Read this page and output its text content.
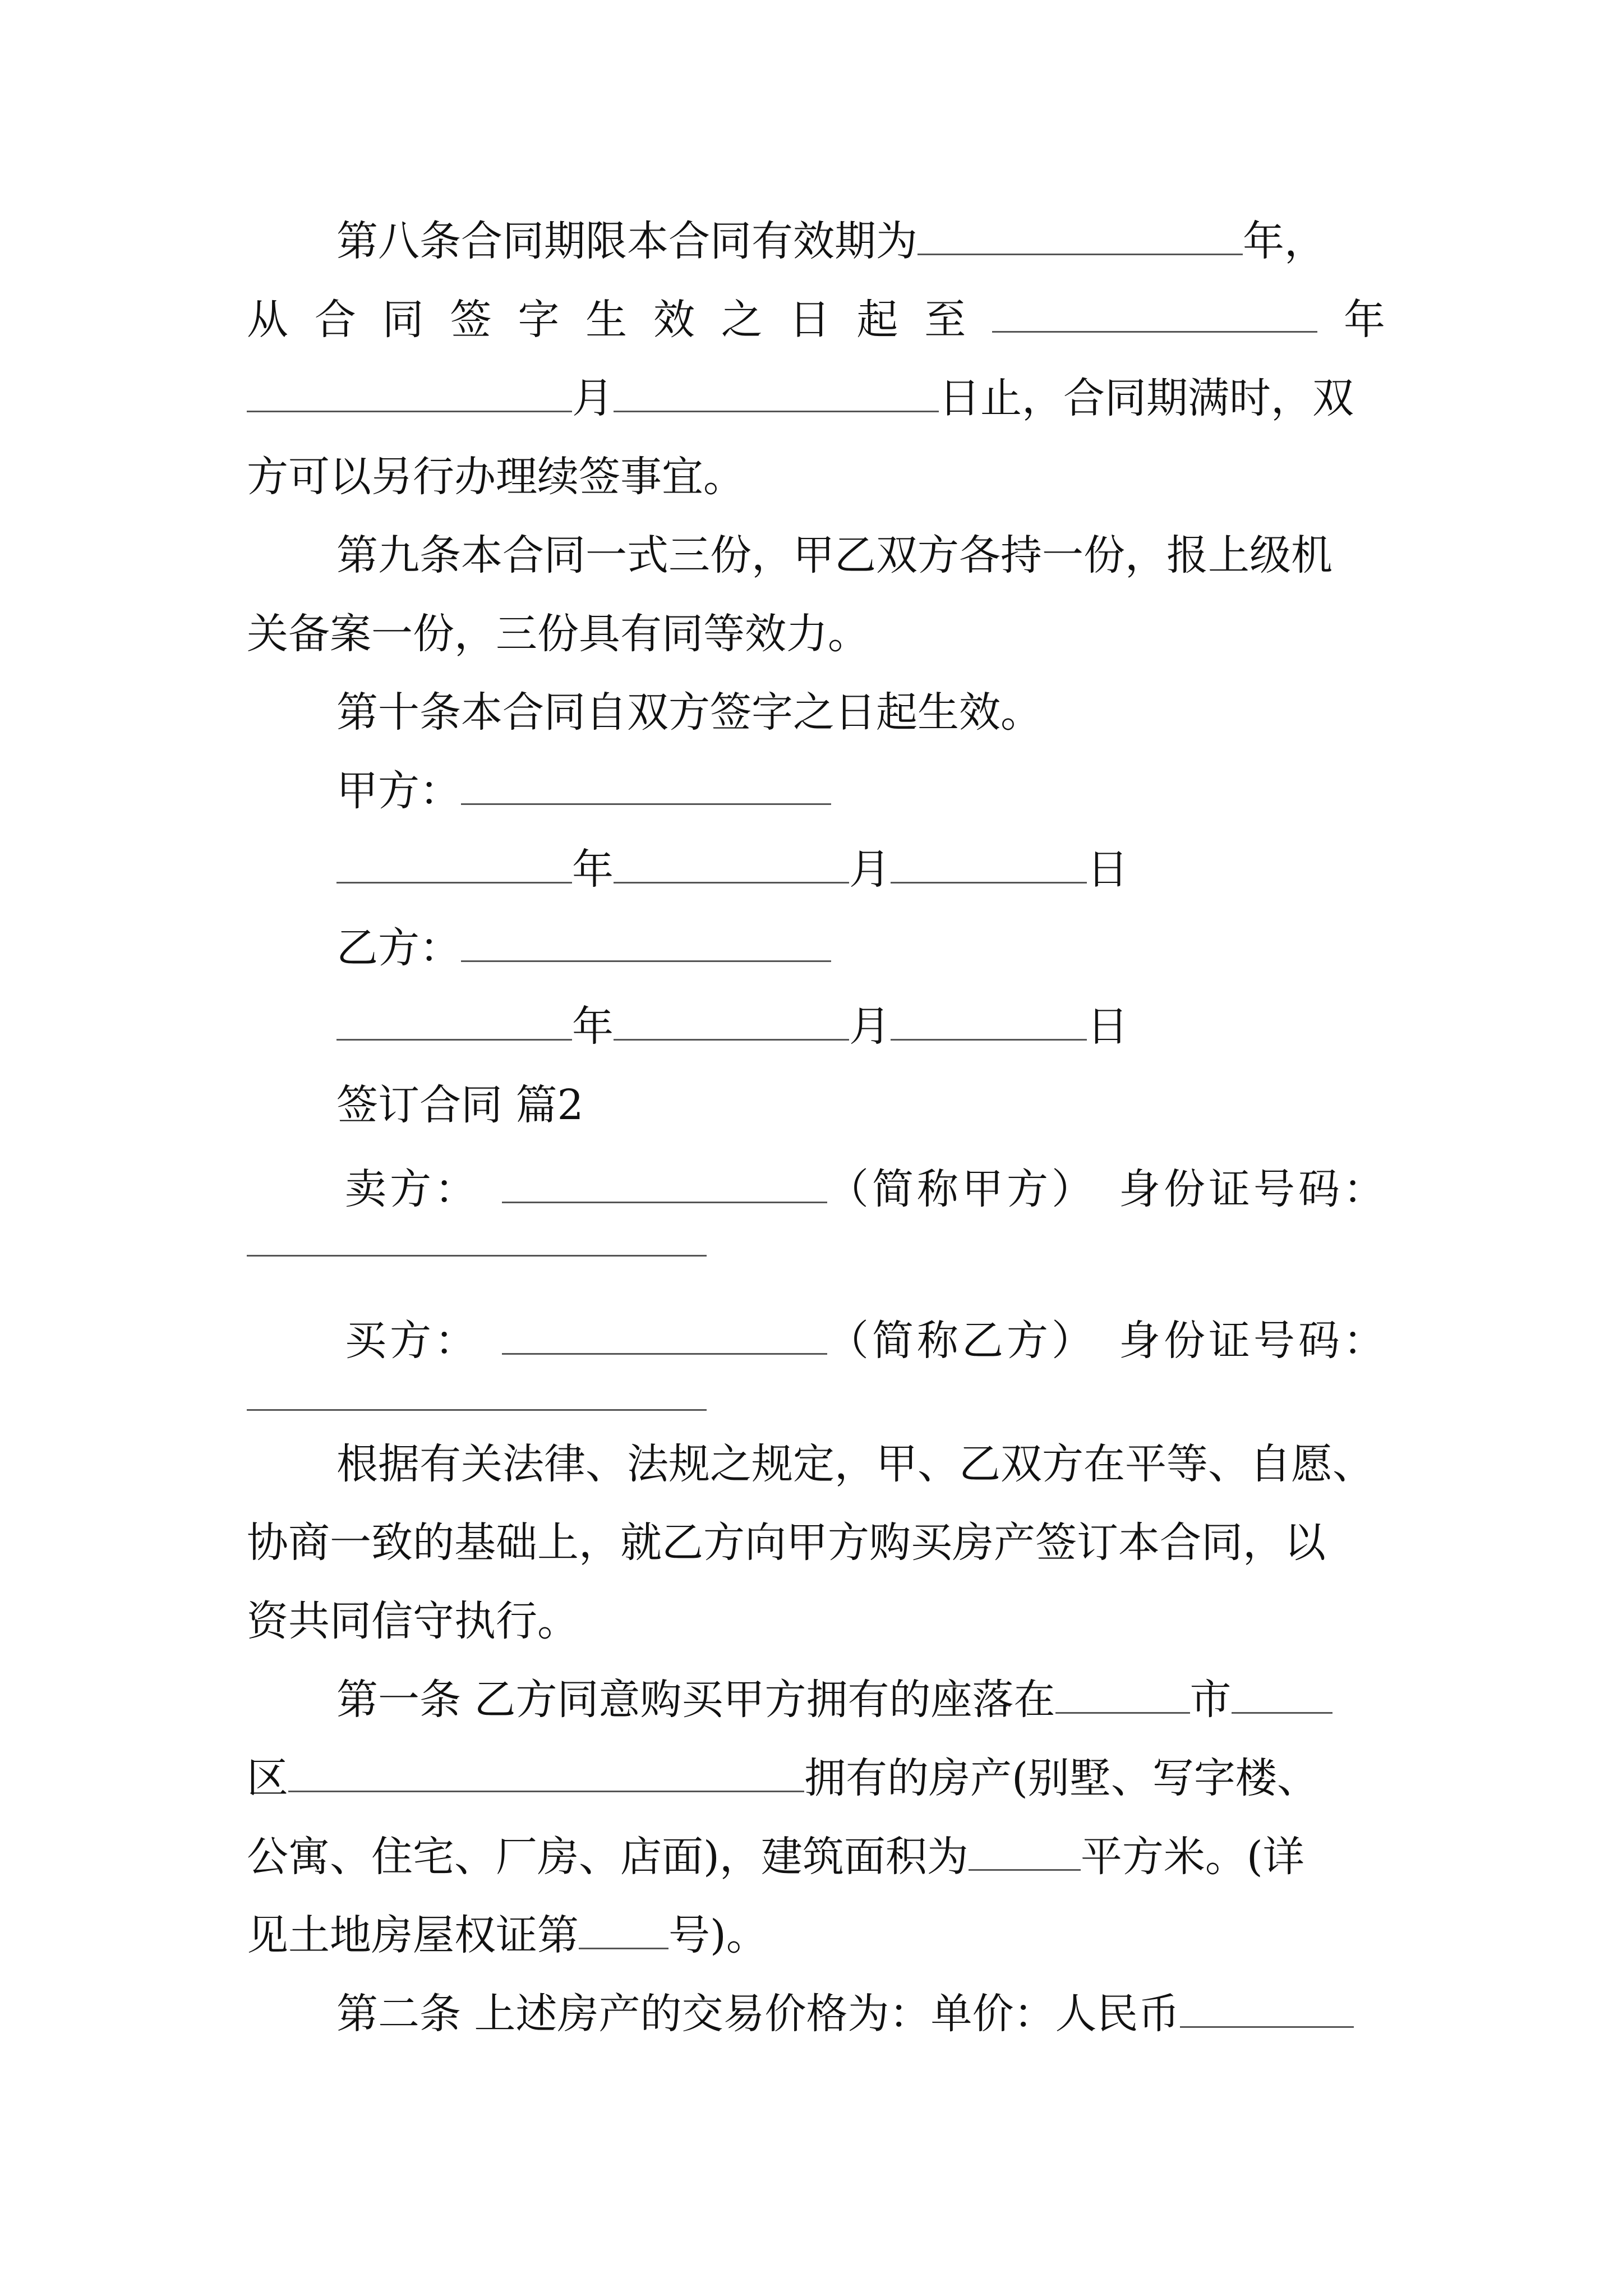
第八条合同期限本合同有效期为	年，
从 合 同 签 字 生 效 之 日 起 至	年
月	日止，合同期满时，双
方可以另行办理续签事宜。
第九条本合同一式三份，甲乙双方各持一份，报上级机
关备案一份，三份具有同等效力。
第十条本合同自双方签字之日起生效。
甲方：
年	月	日
乙方：
年	月	日
签订合同 篇2
卖方：	（简称甲方） 身份证号码：
买方：	（简称乙方） 身份证号码：
根据有关法律、法规之规定，甲、乙双方在平等、自愿、
协商一致的基础上，就乙方向甲方购买房产签订本合同，以
资共同信守执行。
第一条 乙方同意购买甲方拥有的座落在	市
区	拥有的房产(别墅、写字楼、
公寓、住宅、厂房、店面)，建筑面积为	平方米。(详
见土地房屋权证第 号)。
第二条 上述房产的交易价格为：单价：人民币
